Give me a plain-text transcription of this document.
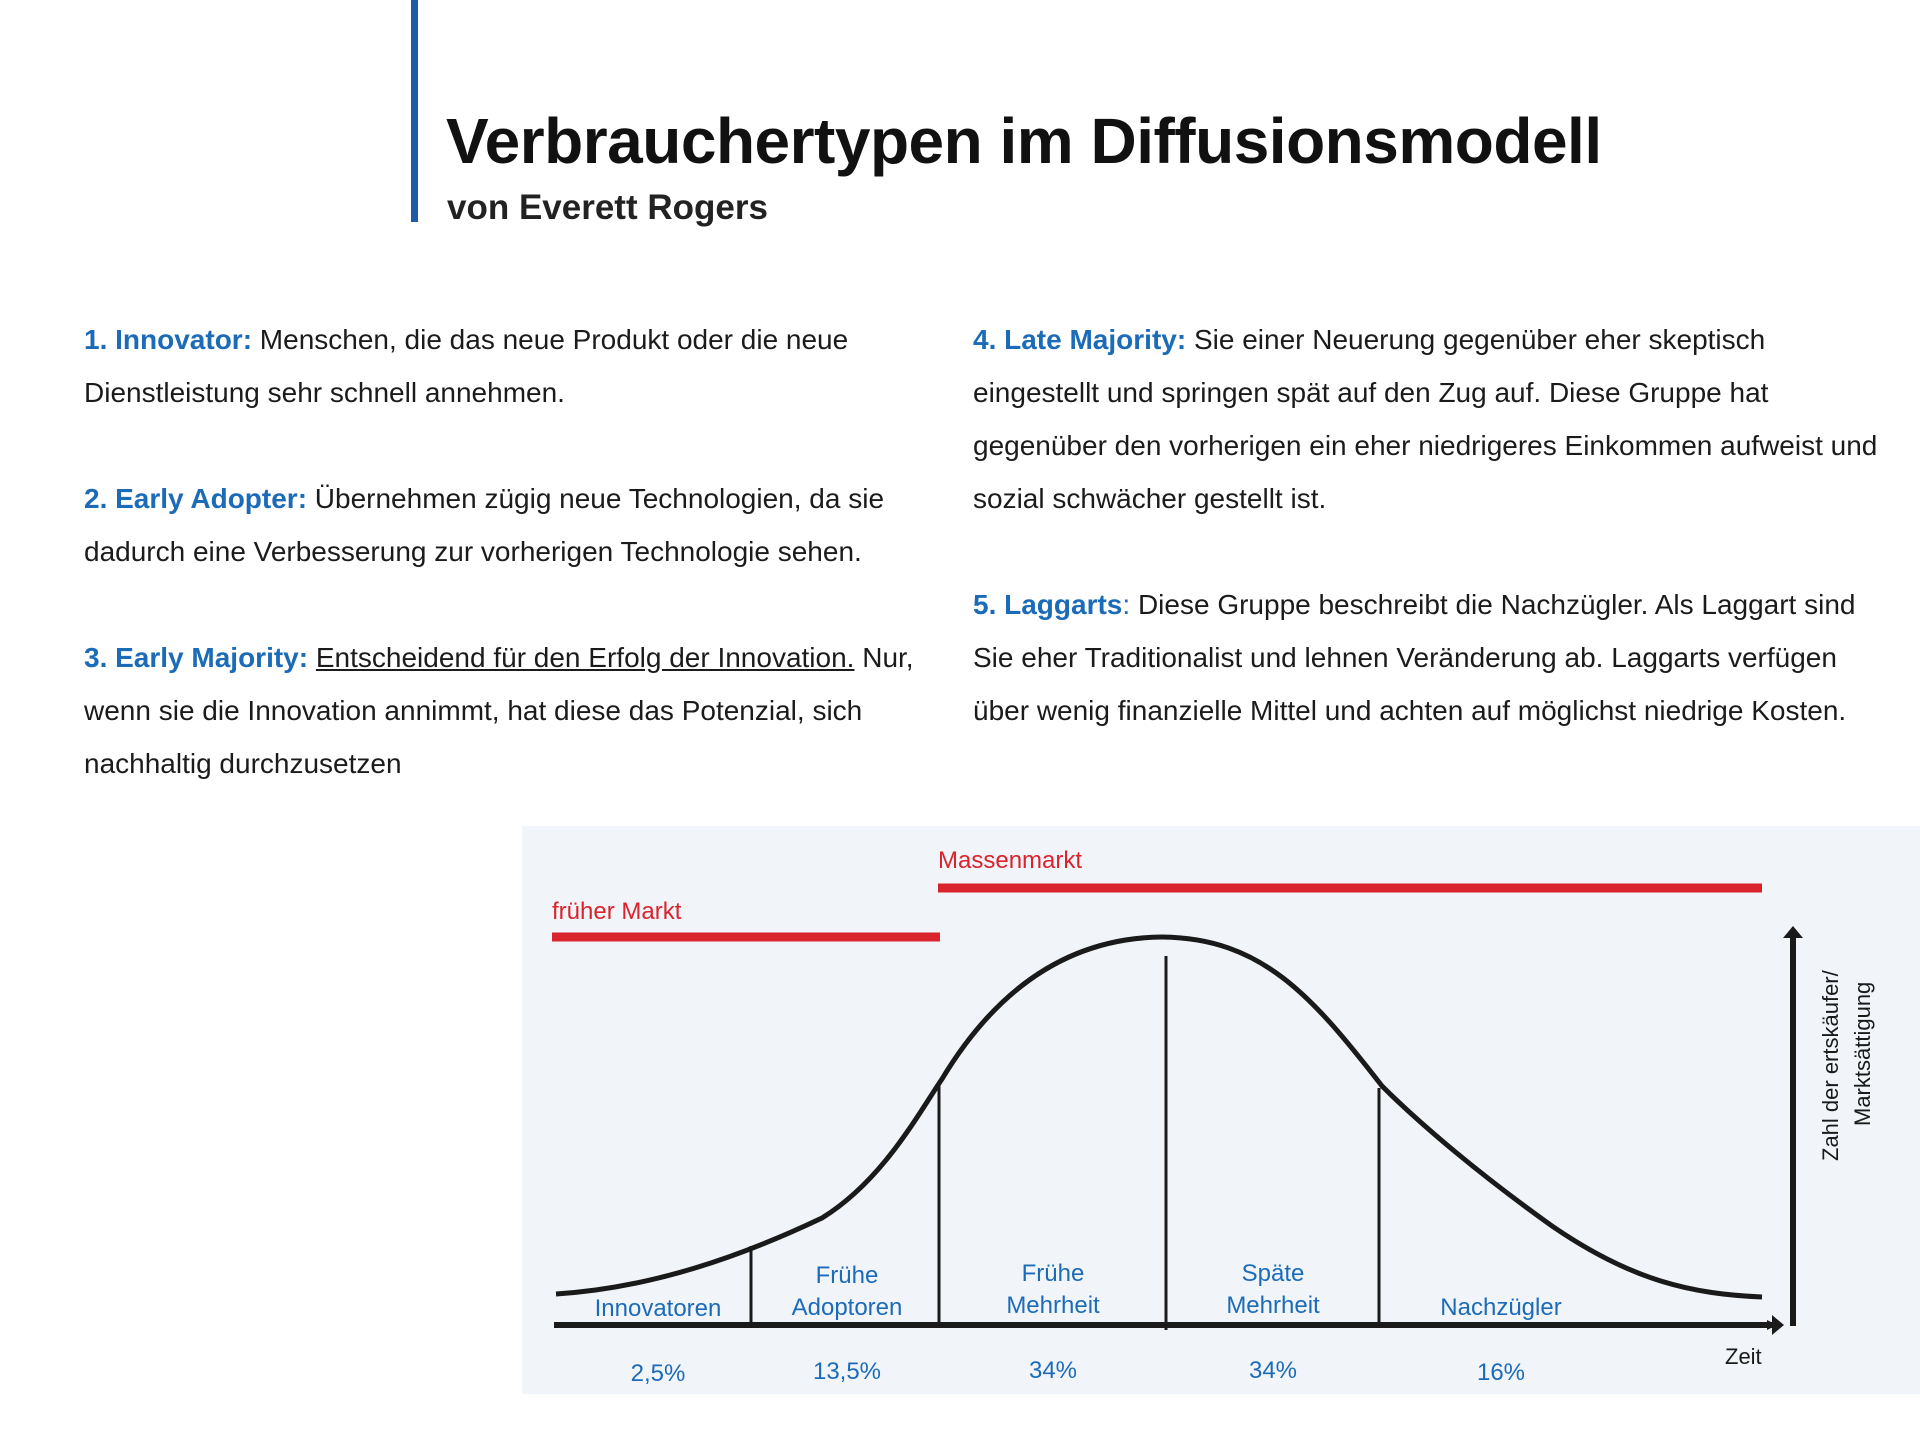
Verbrauchertypen im Diffusionsmodell
von Everett Rogers

1. Innovator: Menschen, die das neue Produkt oder die neue Dienstleistung sehr schnell annehmen.

2. Early Adopter: Übernehmen zügig neue Technologien, da sie dadurch eine Verbesserung zur vorherigen Technologie sehen.

3. Early Majority: Entscheidend für den Erfolg der Innovation. Nur, wenn sie die Innovation annimmt, hat diese das Potenzial, sich nachhaltig durchzusetzen

4. Late Majority: Sie einer Neuerung gegenüber eher skeptisch eingestellt und springen spät auf den Zug auf. Diese Gruppe hat gegenüber den vorherigen ein eher niedrigeres Einkommen aufweist und sozial schwächer gestellt ist.

5. Laggarts: Diese Gruppe beschreibt die Nachzügler. Als Laggart sind Sie eher Traditionalist und lehnen Veränderung ab. Laggarts verfügen über wenig finanzielle Mittel und achten auf möglichst niedrige Kosten.

früher Markt
Massenmarkt
Zeit
Zahl der ertskäufer/ Marktsättigung
Innovatoren
Frühe
Adoptoren
Frühe
Mehrheit
Späte
Mehrheit	Nachzügler
2,5%	13,5%	34%	34%	16%
